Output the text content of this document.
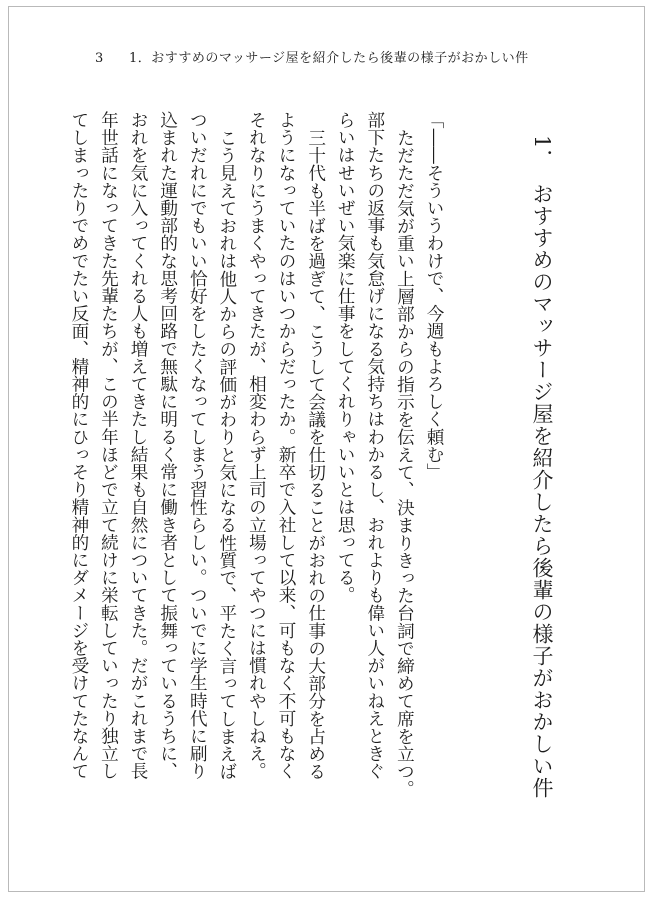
3	1．おすすめのマッサージ屋を紹介したら後輩の様子がおかしい件
1．　おすすめのマッサージ屋を紹介したら後輩の様子がおかしい件

「――そういうわけで、今週もよろしく頼む」

ただただ気が重い上層部からの指示を伝えて、決まりきった台詞で締めて席を立つ。
部下たちの返事も気怠げになる気持ちはわかるし、おれよりも偉い人がいねえときぐ
らいはせいぜい気楽に仕事をしてくれりゃいいとは思ってる。

三十代も半ばを過ぎて、こうして会議を仕切ることがおれの仕事の大部分を占める
ようになっていたのはいつからだったか。新卒で入社して以来、可もなく不可もなく
それなりにうまくやってきたが、相変わらず上司の立場ってやつには慣れやしねえ。

こう見えておれは他人からの評価がわりと気になる性質で、平たく言ってしまえば
ついだれにでもいい恰好をしたくなってしまう習性らしい。ついでに学生時代に刷り
込まれた運動部的な思考回路で無駄に明るく常に働き者として振舞っているうちに、
おれを気に入ってくれる人も増えてきたし結果も自然についてきた。だがこれまで長
年世話になってきた先輩たちが、この半年ほどで立て続けに栄転していったり独立し
てしまったりでめでたい反面、精神的にひっそり精神的にダメージを受けてたなんて
